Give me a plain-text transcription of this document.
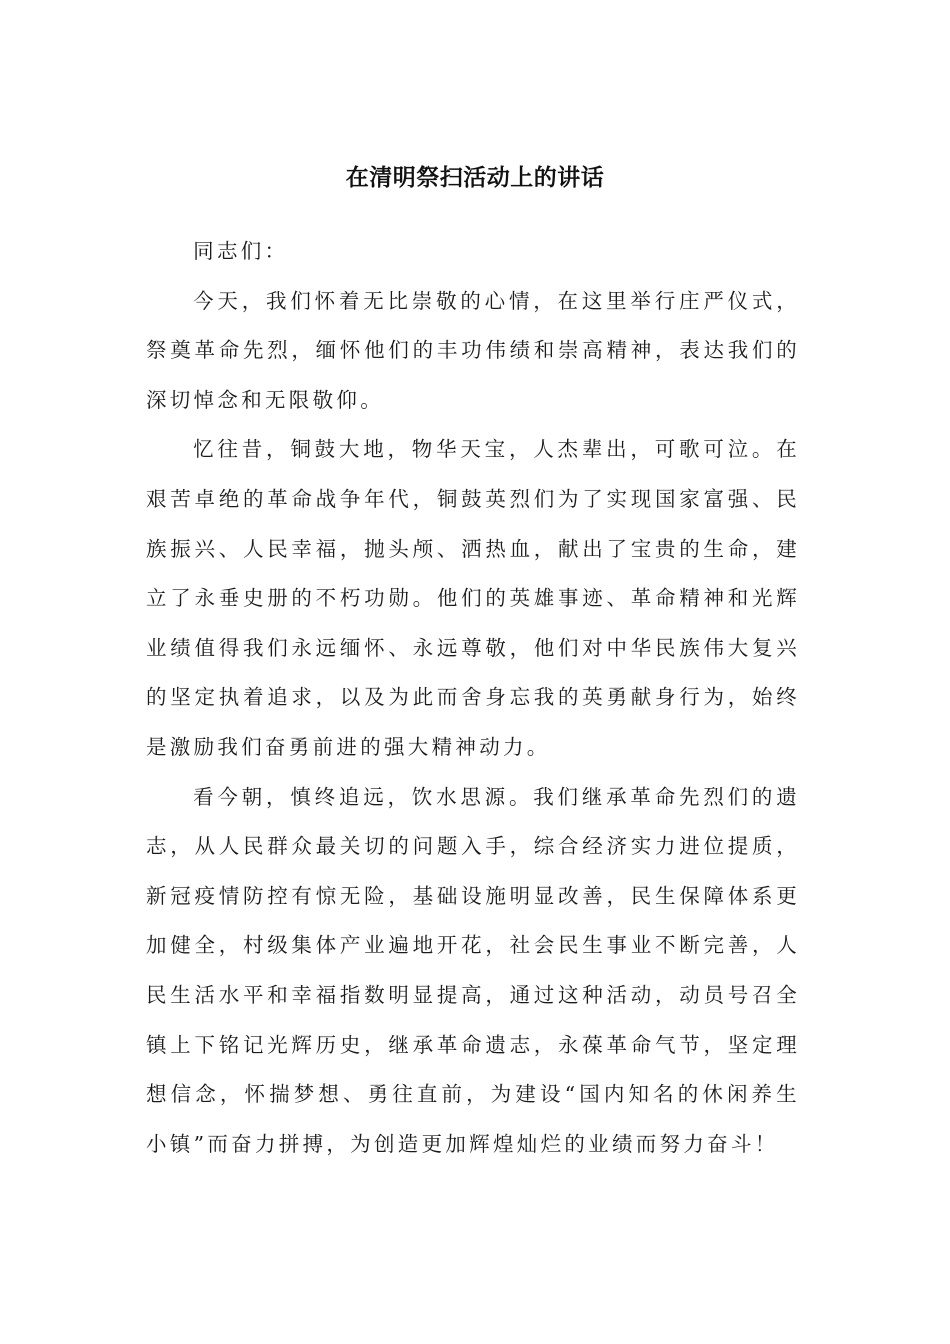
在清明祭扫活动上的讲话

同志们：

今天，我们怀着无比崇敬的心情，在这里举行庄严仪式，祭奠革命先烈，缅怀他们的丰功伟绩和崇高精神，表达我们的深切悼念和无限敬仰。

忆往昔，铜鼓大地，物华天宝，人杰辈出，可歌可泣。在艰苦卓绝的革命战争年代，铜鼓英烈们为了实现国家富强、民族振兴、人民幸福，抛头颅、洒热血，献出了宝贵的生命，建立了永垂史册的不朽功勋。他们的英雄事迹、革命精神和光辉业绩值得我们永远缅怀、永远尊敬，他们对中华民族伟大复兴的坚定执着追求，以及为此而舍身忘我的英勇献身行为，始终是激励我们奋勇前进的强大精神动力。

看今朝，慎终追远，饮水思源。我们继承革命先烈们的遗志，从人民群众最关切的问题入手，综合经济实力进位提质，新冠疫情防控有惊无险，基础设施明显改善，民生保障体系更加健全，村级集体产业遍地开花，社会民生事业不断完善，人民生活水平和幸福指数明显提高，通过这种活动，动员号召全镇上下铭记光辉历史，继承革命遗志，永葆革命气节，坚定理想信念，怀揣梦想、勇往直前，为建设“国内知名的休闲养生小镇”而奋力拼搏，为创造更加辉煌灿烂的业绩而努力奋斗！
